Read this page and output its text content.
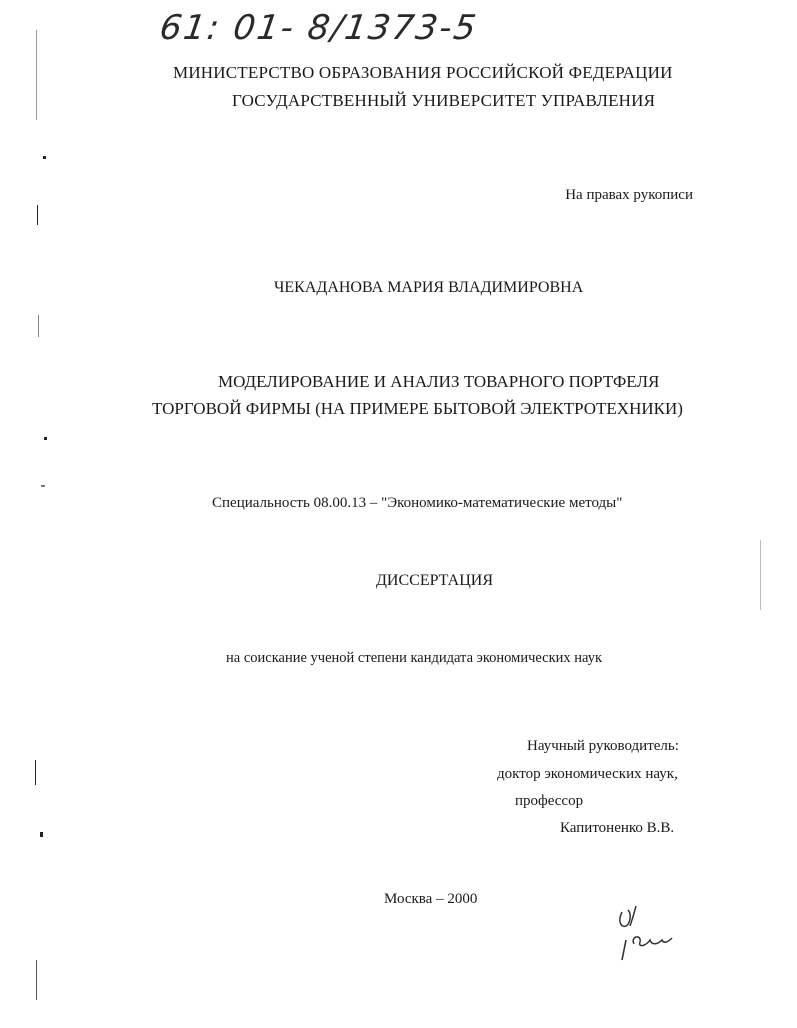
61: 01- 8/1373-5
МИНИСТЕРСТВО ОБРАЗОВАНИЯ РОССИЙСКОЙ ФЕДЕРАЦИИ
ГОСУДАРСТВЕННЫЙ УНИВЕРСИТЕТ УПРАВЛЕНИЯ
На правах рукописи
ЧЕКАДАНОВА МАРИЯ ВЛАДИМИРОВНА
МОДЕЛИРОВАНИЕ И АНАЛИЗ ТОВАРНОГО ПОРТФЕЛЯ
ТОРГОВОЙ ФИРМЫ (НА ПРИМЕРЕ БЫТОВОЙ ЭЛЕКТРОТЕХНИКИ)
Специальность 08.00.13 – "Экономико-математические методы"
ДИССЕРТАЦИЯ
на соискание ученой степени кандидата экономических наук
Научный руководитель:
доктор экономических наук,
профессор
Капитоненко В.В.
Москва – 2000
